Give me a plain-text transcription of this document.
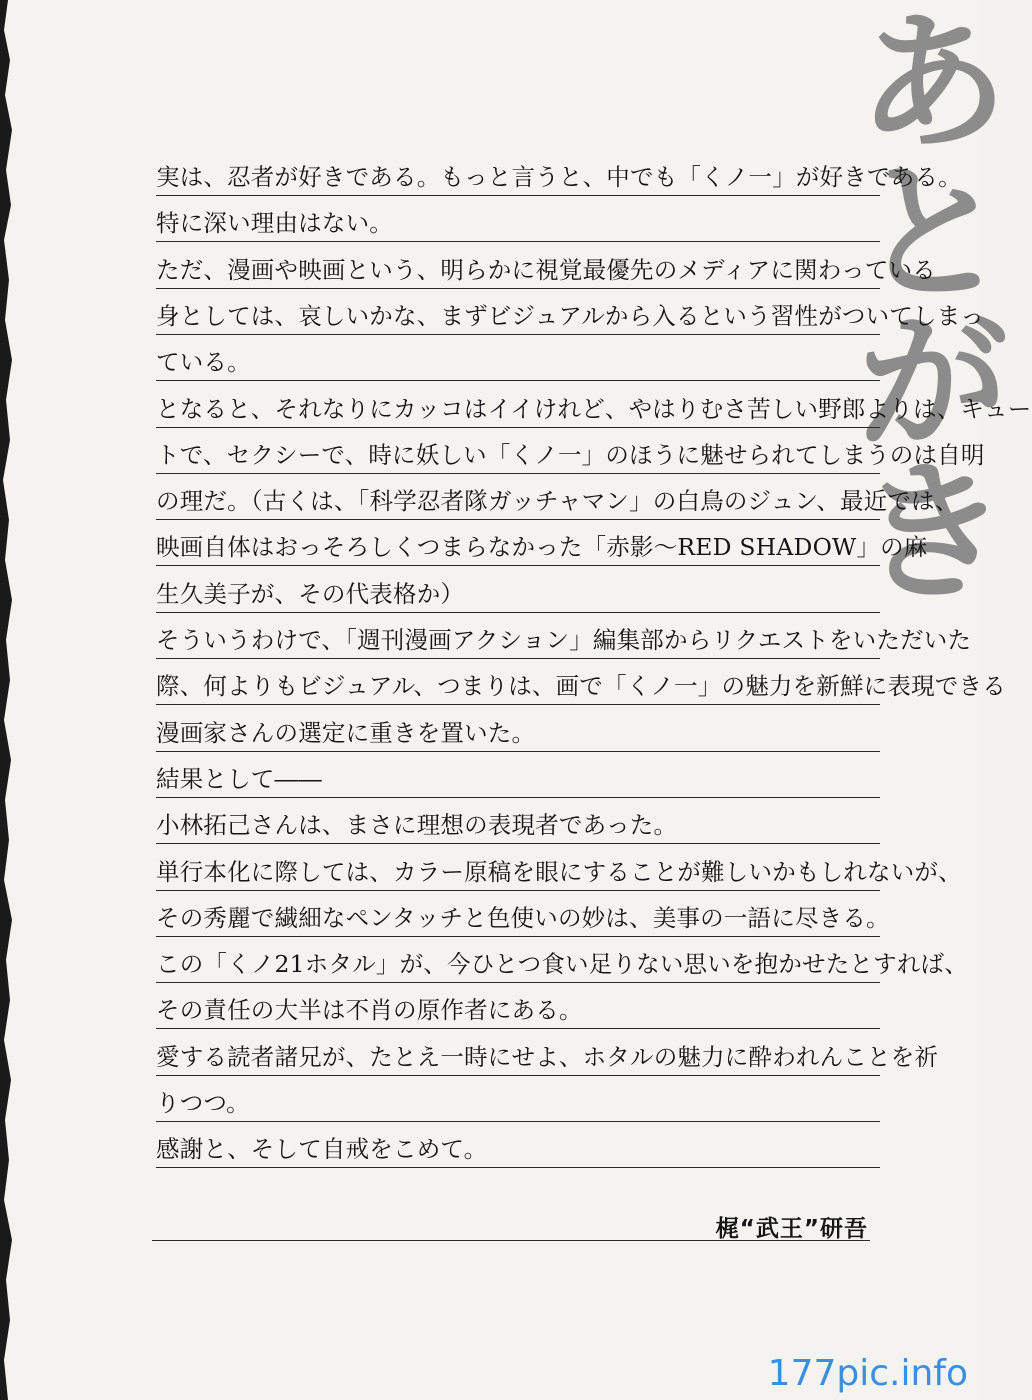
あ
と
が
き
実は、忍者が好きである。もっと言うと、中でも「くノ一」が好きである。
特に深い理由はない。
ただ、漫画や映画という、明らかに視覚最優先のメディアに関わっている
身としては、哀しいかな、まずビジュアルから入るという習性がついてしまっ
ている。
となると、それなりにカッコはイイけれど、やはりむさ苦しい野郎よりは、キュー
トで、セクシーで、時に妖しい「くノ一」のほうに魅せられてしまうのは自明
の理だ。（古くは、「科学忍者隊ガッチャマン」の白鳥のジュン、最近では、
映画自体はおっそろしくつまらなかった「赤影〜RED SHADOW」の麻
生久美子が、その代表格か）
そういうわけで、「週刊漫画アクション」編集部からリクエストをいただいた
際、何よりもビジュアル、つまりは、画で「くノ一」の魅力を新鮮に表現できる
漫画家さんの選定に重きを置いた。
結果として――
小林拓己さんは、まさに理想の表現者であった。
単行本化に際しては、カラー原稿を眼にすることが難しいかもしれないが、
その秀麗で繊細なペンタッチと色使いの妙は、美事の一語に尽きる。
この「くノ21ホタル」が、今ひとつ食い足りない思いを抱かせたとすれば、
その責任の大半は不肖の原作者にある。
愛する読者諸兄が、たとえ一時にせよ、ホタルの魅力に酔われんことを祈
りつつ。
感謝と、そして自戒をこめて。
梶“武王”研吾
177pic.info
